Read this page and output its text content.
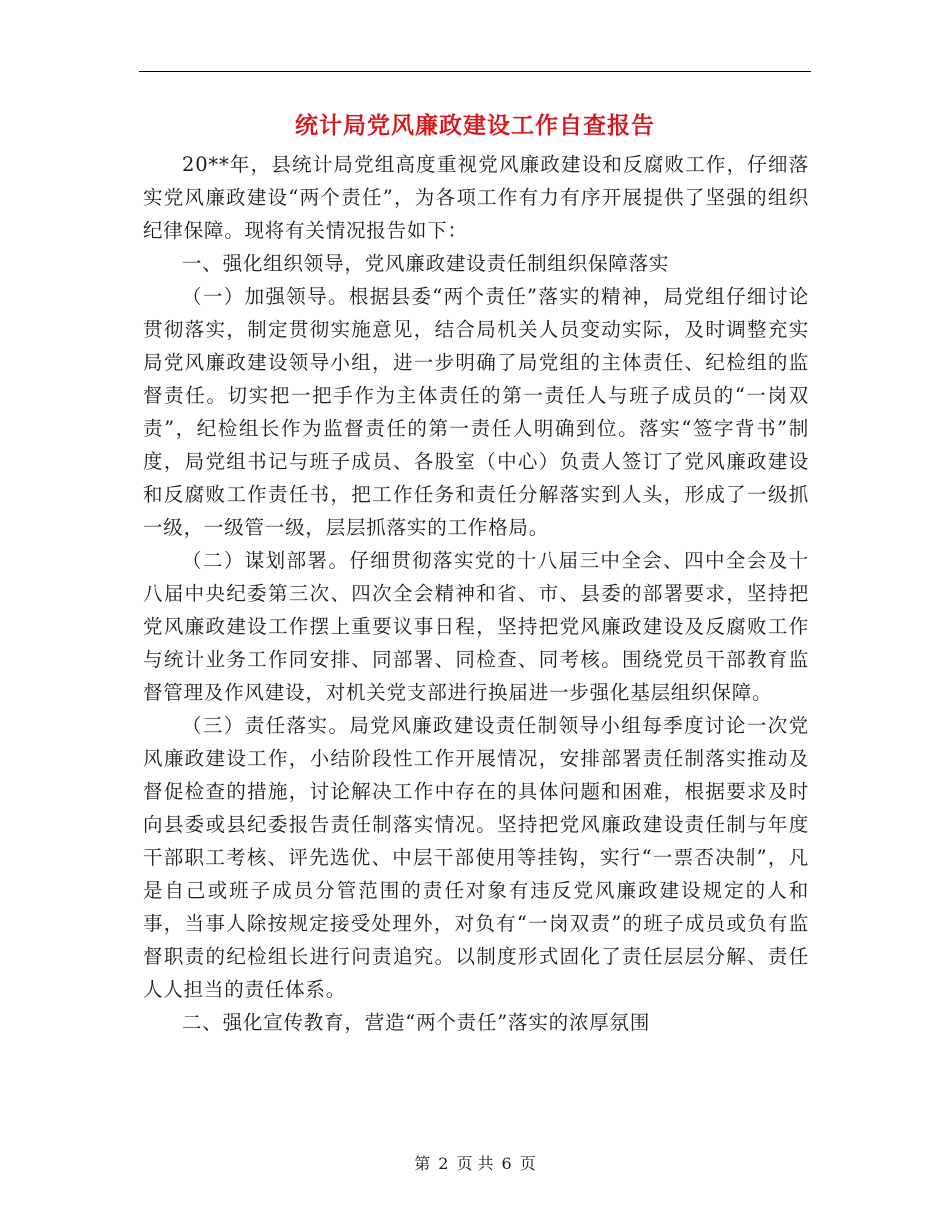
统计局党风廉政建设工作自查报告

20**年，县统计局党组高度重视党风廉政建设和反腐败工作，仔细落实党风廉政建设“两个责任”，为各项工作有力有序开展提供了坚强的组织纪律保障。现将有关情况报告如下：

一、强化组织领导，党风廉政建设责任制组织保障落实

（一）加强领导。根据县委“两个责任”落实的精神，局党组仔细讨论贯彻落实，制定贯彻实施意见，结合局机关人员变动实际，及时调整充实局党风廉政建设领导小组，进一步明确了局党组的主体责任、纪检组的监督责任。切实把一把手作为主体责任的第一责任人与班子成员的“一岗双责”，纪检组长作为监督责任的第一责任人明确到位。落实“签字背书”制度，局党组书记与班子成员、各股室（中心）负责人签订了党风廉政建设和反腐败工作责任书，把工作任务和责任分解落实到人头，形成了一级抓一级，一级管一级，层层抓落实的工作格局。

（二）谋划部署。仔细贯彻落实党的十八届三中全会、四中全会及十八届中央纪委第三次、四次全会精神和省、市、县委的部署要求，坚持把党风廉政建设工作摆上重要议事日程，坚持把党风廉政建设及反腐败工作与统计业务工作同安排、同部署、同检查、同考核。围绕党员干部教育监督管理及作风建设，对机关党支部进行换届进一步强化基层组织保障。

（三）责任落实。局党风廉政建设责任制领导小组每季度讨论一次党风廉政建设工作，小结阶段性工作开展情况，安排部署责任制落实推动及督促检查的措施，讨论解决工作中存在的具体问题和困难，根据要求及时向县委或县纪委报告责任制落实情况。坚持把党风廉政建设责任制与年度干部职工考核、评先选优、中层干部使用等挂钩，实行“一票否决制”，凡是自己或班子成员分管范围的责任对象有违反党风廉政建设规定的人和事，当事人除按规定接受处理外，对负有“一岗双责”的班子成员或负有监督职责的纪检组长进行问责追究。以制度形式固化了责任层层分解、责任人人担当的责任体系。

二、强化宣传教育，营造“两个责任”落实的浓厚氛围

第 2 页 共 6 页
